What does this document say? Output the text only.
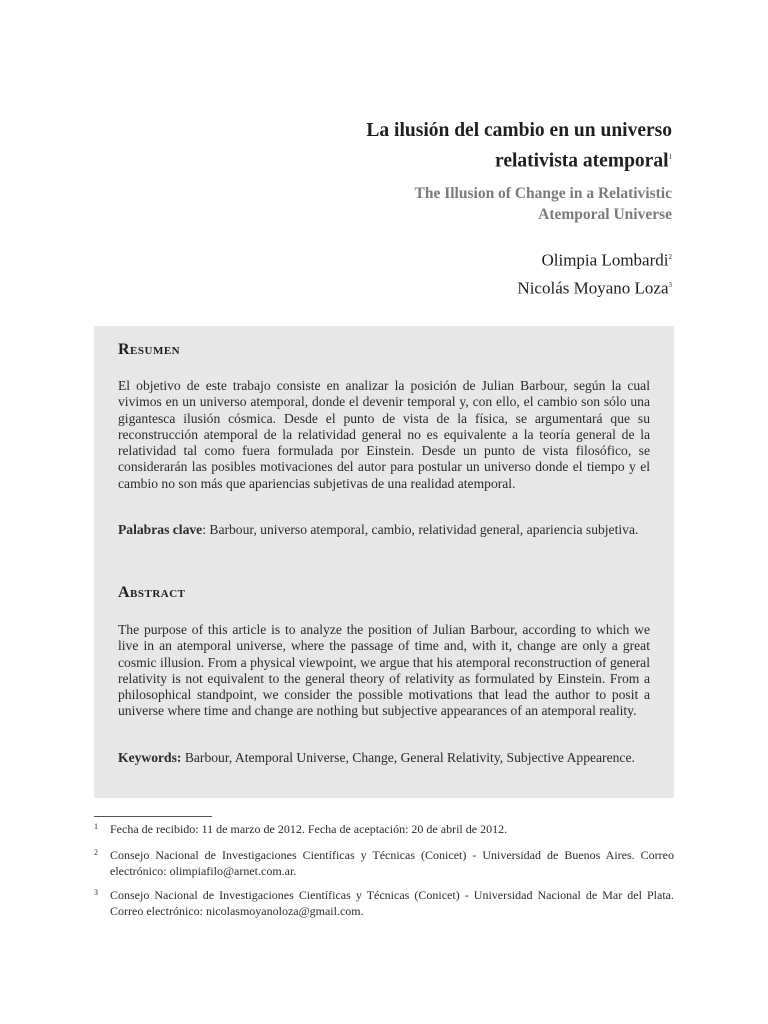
La ilusión del cambio en un universo
relativista atemporal$^1$
The Illusion of Change in a Relativistic
Atemporal Universe
Olimpia Lombardi$^2$
Nicolás Moyano Loza$^3$
Resumen
El objetivo de este trabajo consiste en analizar la posición de Julian Barbour, según la cual vivimos en un universo atemporal, donde el devenir temporal y, con ello, el cambio son sólo una gigantesca ilusión cósmica. Desde el punto de vista de la física, se argumentará que su reconstrucción atemporal de la relatividad general no es equivalente a la teoría general de la relatividad tal como fuera formulada por Einstein. Desde un punto de vista filosófico, se considerarán las posibles motivaciones del autor para postular un universo donde el tiempo y el cambio no son más que apariencias subjetivas de una realidad atemporal.
Palabras clave: Barbour, universo atemporal, cambio, relatividad general, apariencia subjetiva.
Abstract
The purpose of this article is to analyze the position of Julian Barbour, according to which we live in an atemporal universe, where the passage of time and, with it, change are only a great cosmic illusion. From a physical viewpoint, we argue that his atemporal reconstruction of general relativity is not equivalent to the general theory of relativity as formulated by Einstein. From a philosophical standpoint, we consider the possible motivations that lead the author to posit a universe where time and change are nothing but subjective appearances of an atemporal reality.
Keywords: Barbour, Atemporal Universe, Change, General Relativity, Subjective Appearence.
1 Fecha de recibido: 11 de marzo de 2012. Fecha de aceptación: 20 de abril de 2012.
2 Consejo Nacional de Investigaciones Científicas y Técnicas (Conicet) - Universidad de Buenos Aires. Correo electrónico: olimpiafilo@arnet.com.ar.
3 Consejo Nacional de Investigaciones Científicas y Técnicas (Conicet) - Universidad Nacional de Mar del Plata. Correo electrónico: nicolasmoyanoloza@gmail.com.
